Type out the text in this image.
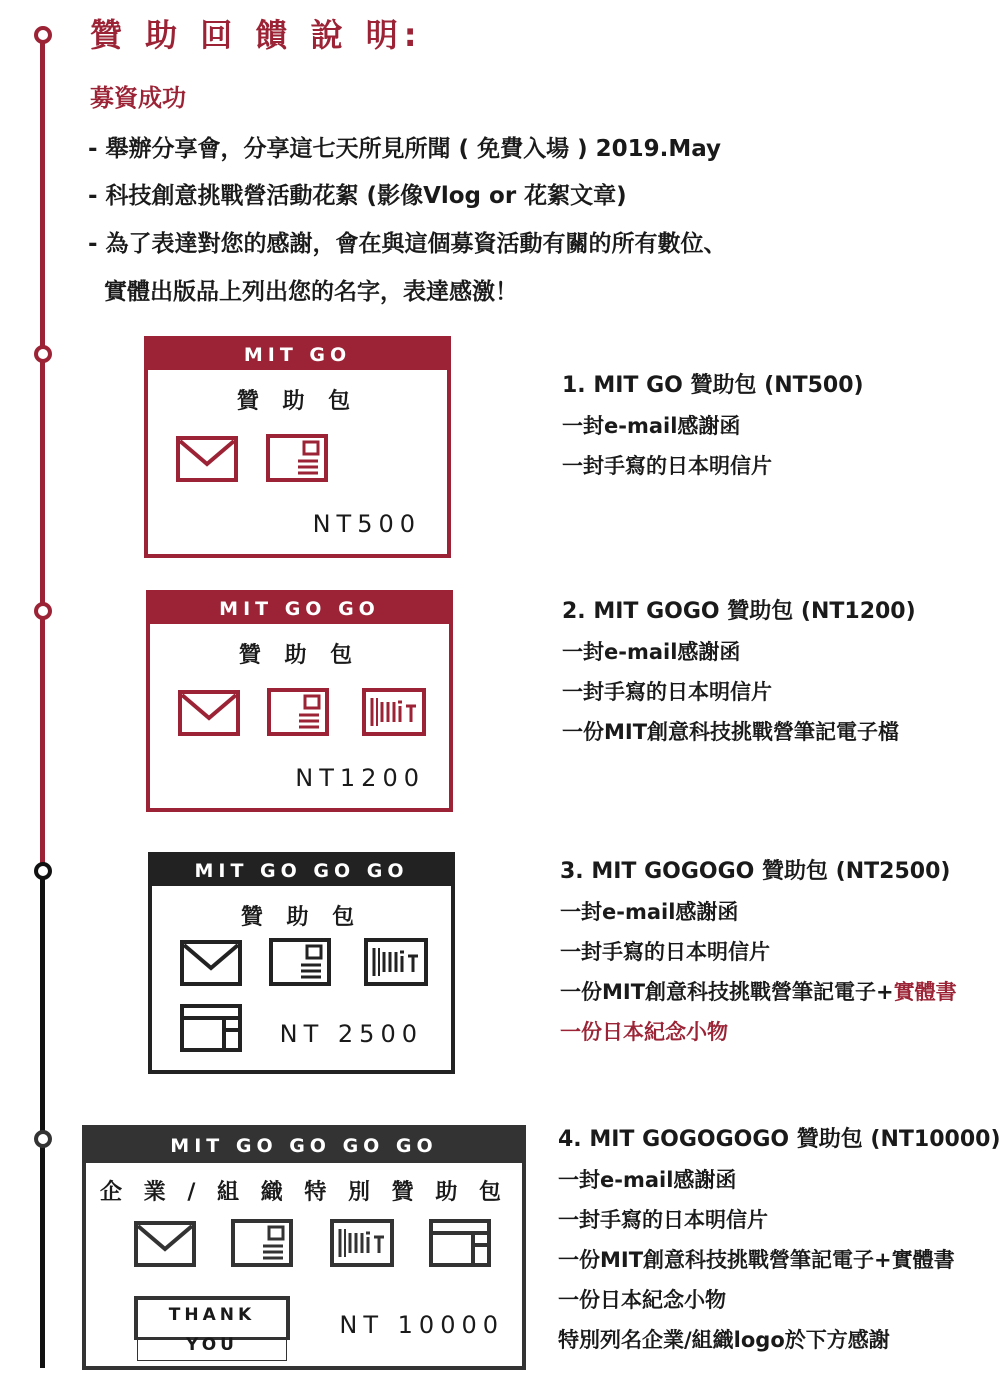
贊 助 回 饋 說 明:
募資成功
- 舉辦分享會，分享這七天所見所聞 ( 免費入場 ) 2019.May
- 科技創意挑戰營活動花絮 (影像Vlog or 花絮文章)
- 為了表達對您的感謝，會在與這個募資活動有關的所有數位、
實體出版品上列出您的名字，表達感激！
MIT GO
贊 助 包
NT500
1. MIT GO 贊助包 (NT500)
一封e-mail感謝函
一封手寫的日本明信片
MIT GO GO
贊 助 包
NT1200
2. MIT GOGO 贊助包 (NT1200)
一封e-mail感謝函
一封手寫的日本明信片
一份MIT創意科技挑戰營筆記電子檔
MIT GO GO GO
贊 助 包
NT 2500
3. MIT GOGOGO 贊助包 (NT2500)
一封e-mail感謝函
一封手寫的日本明信片
一份MIT創意科技挑戰營筆記電子+實體書
一份日本紀念小物
MIT GO GO GO GO
企 業 / 組 織 特 別 贊 助 包
THANK YOU
NT 10000
4. MIT GOGOGOGO 贊助包 (NT10000)
一封e-mail感謝函
一封手寫的日本明信片
一份MIT創意科技挑戰營筆記電子+實體書
一份日本紀念小物
特別列名企業/組織logo於下方感謝
